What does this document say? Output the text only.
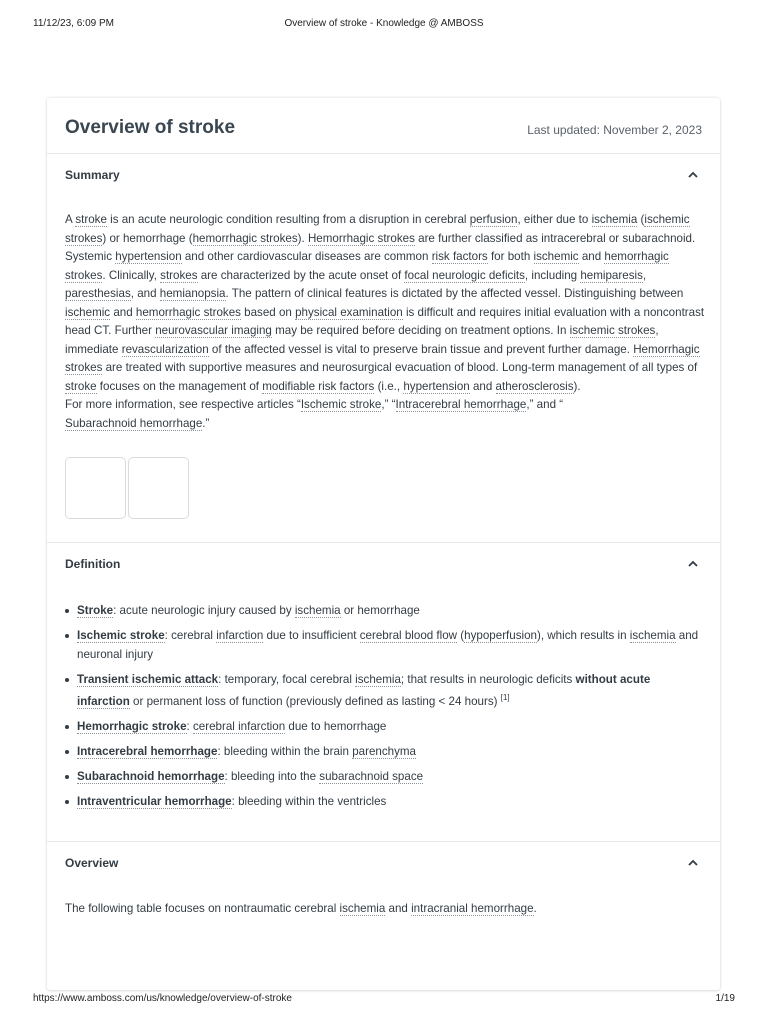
11/12/23, 6:09 PM	Overview of stroke - Knowledge @ AMBOSS
Overview of stroke	Last updated: November 2, 2023
Summary

A stroke is an acute neurologic condition resulting from a disruption in cerebral perfusion, either due to ischemia (ischemic strokes) or hemorrhage (hemorrhagic strokes). Hemorrhagic strokes are further classified as intracerebral or subarachnoid. Systemic hypertension and other cardiovascular diseases are common risk factors for both ischemic and hemorrhagic strokes. Clinically, strokes are characterized by the acute onset of focal neurologic deficits, including hemiparesis, paresthesias, and hemianopsia. The pattern of clinical features is dictated by the affected vessel. Distinguishing between ischemic and hemorrhagic strokes based on physical examination is difficult and requires initial evaluation with a noncontrast head CT. Further neurovascular imaging may be required before deciding on treatment options. In ischemic strokes, immediate revascularization of the affected vessel is vital to preserve brain tissue and prevent further damage. Hemorrhagic strokes are treated with supportive measures and neurosurgical evacuation of blood. Long-term management of all types of stroke focuses on the management of modifiable risk factors (i.e., hypertension and atherosclerosis).

For more information, see respective articles “Ischemic stroke,” “Intracerebral hemorrhage,” and “
Subarachnoid hemorrhage.”

Definition
Stroke: acute neurologic injury caused by ischemia or hemorrhage
Ischemic stroke: cerebral infarction due to insufficient cerebral blood flow (hypoperfusion), which results in ischemia and neuronal injury
Transient ischemic attack: temporary, focal cerebral ischemia; that results in neurologic deficits without acute infarction or permanent loss of function (previously defined as lasting < 24 hours) [1]
Hemorrhagic stroke: cerebral infarction due to hemorrhage
Intracerebral hemorrhage: bleeding within the brain parenchyma
Subarachnoid hemorrhage: bleeding into the subarachnoid space
Intraventricular hemorrhage: bleeding within the ventricles
Overview

The following table focuses on nontraumatic cerebral ischemia and intracranial hemorrhage.

https://www.amboss.com/us/knowledge/overview-of-stroke	1/19
